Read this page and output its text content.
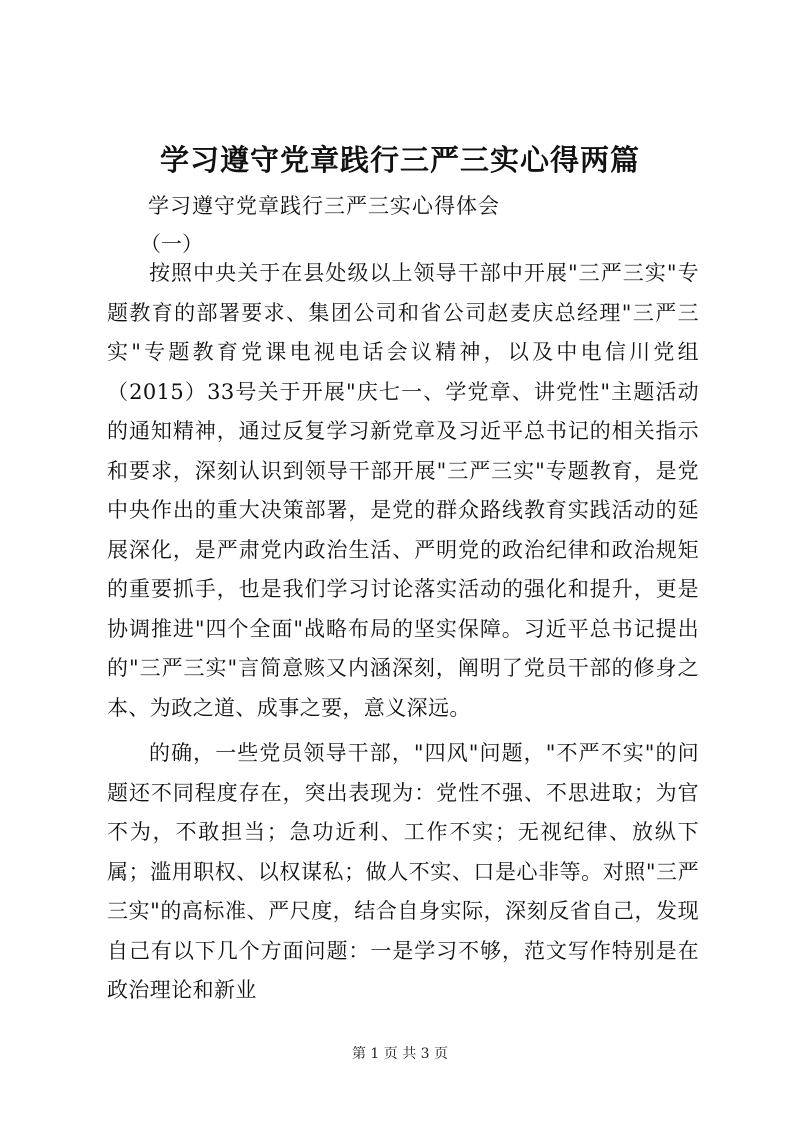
学习遵守党章践行三严三实心得两篇
学习遵守党章践行三严三实心得体会
（一）

按照中央关于在县处级以上领导干部中开展"三严三实"专题教育的部署要求、集团公司和省公司赵麦庆总经理"三严三实"专题教育党课电视电话会议精神，以及中电信川党组（2015）33号关于开展"庆七一、学党章、讲党性"主题活动的通知精神，通过反复学习新党章及习近平总书记的相关指示和要求，深刻认识到领导干部开展"三严三实"专题教育，是党中央作出的重大决策部署，是党的群众路线教育实践活动的延展深化，是严肃党内政治生活、严明党的政治纪律和政治规矩的重要抓手，也是我们学习讨论落实活动的强化和提升，更是协调推进"四个全面"战略布局的坚实保障。习近平总书记提出的"三严三实"言简意赅又内涵深刻，阐明了党员干部的修身之本、为政之道、成事之要，意义深远。

的确，一些党员领导干部，"四风"问题，"不严不实"的问题还不同程度存在，突出表现为：党性不强、不思进取；为官不为，不敢担当；急功近利、工作不实；无视纪律、放纵下属；滥用职权、以权谋私；做人不实、口是心非等。对照"三严三实"的高标准、严尺度，结合自身实际，深刻反省自己，发现自己有以下几个方面问题：一是学习不够，范文写作特别是在政治理论和新业

第 1 页 共 3 页
